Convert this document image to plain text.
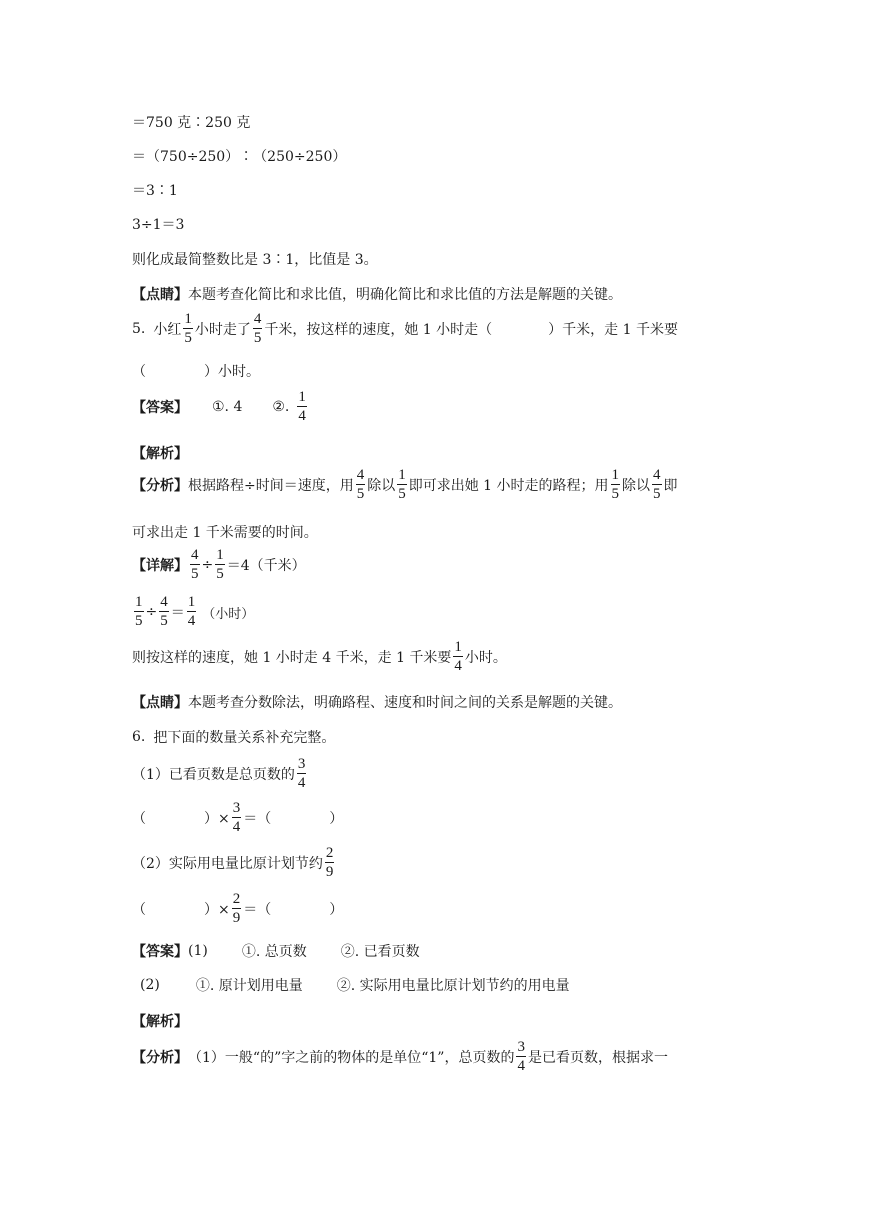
＝750 克∶250 克
＝（750÷250）∶（250÷250）
＝3∶1
3÷1＝3
则化成最简整数比是 3∶1，比值是 3。
【点睛】 本题考查化简比和求比值，明确化简比和求比值的方法是解题的关键。
5. 小红 $\frac{1}{5}$ 小时走了 $\frac{4}{5}$ 千米，按这样的速度，她 1 小时走（	）千米，走 1 千米要
（	）小时。
【答案】 ①. 4 ②. $\frac{1}{4}$
【解析】
【分析】 根据路程÷时间＝速度，用 $\frac{4}{5}$ 除以 $\frac{1}{5}$ 即可求出她 1 小时走的路程；用 $\frac{1}{5}$ 除以 $\frac{4}{5}$ 即
可求出走 1 千米需要的时间。
【详解】 $\frac{4}{5} \div \frac{1}{5} =4$（千米）
$\frac{1}{5} \div \frac{4}{5} = \frac{1}{4}$ （小时）
则按这样的速度，她 1 小时走 4 千米，走 1 千米要 $\frac{1}{4}$ 小时。
【点睛】 本题考查分数除法，明确路程、速度和时间之间的关系是解题的关键。
6. 把下面的数量关系补充完整。
（1）已看页数是总页数的 $\frac{3}{4}$
（	）× $\frac{3}{4}$ ＝（	）
（2）实际用电量比原计划节约 $\frac{2}{9}$
（	）× $\frac{2}{9}$ ＝（	）
【答案】 (1) ①. 总页数 ②. 已看页数
(2)	①. 原计划用电量 ②. 实际用电量比原计划节约的用电量
【解析】
【分析】 （1）一般“的”字之前的物体的是单位“1”，总页数的 $\frac{3}{4}$ 是已看页数，根据求一
